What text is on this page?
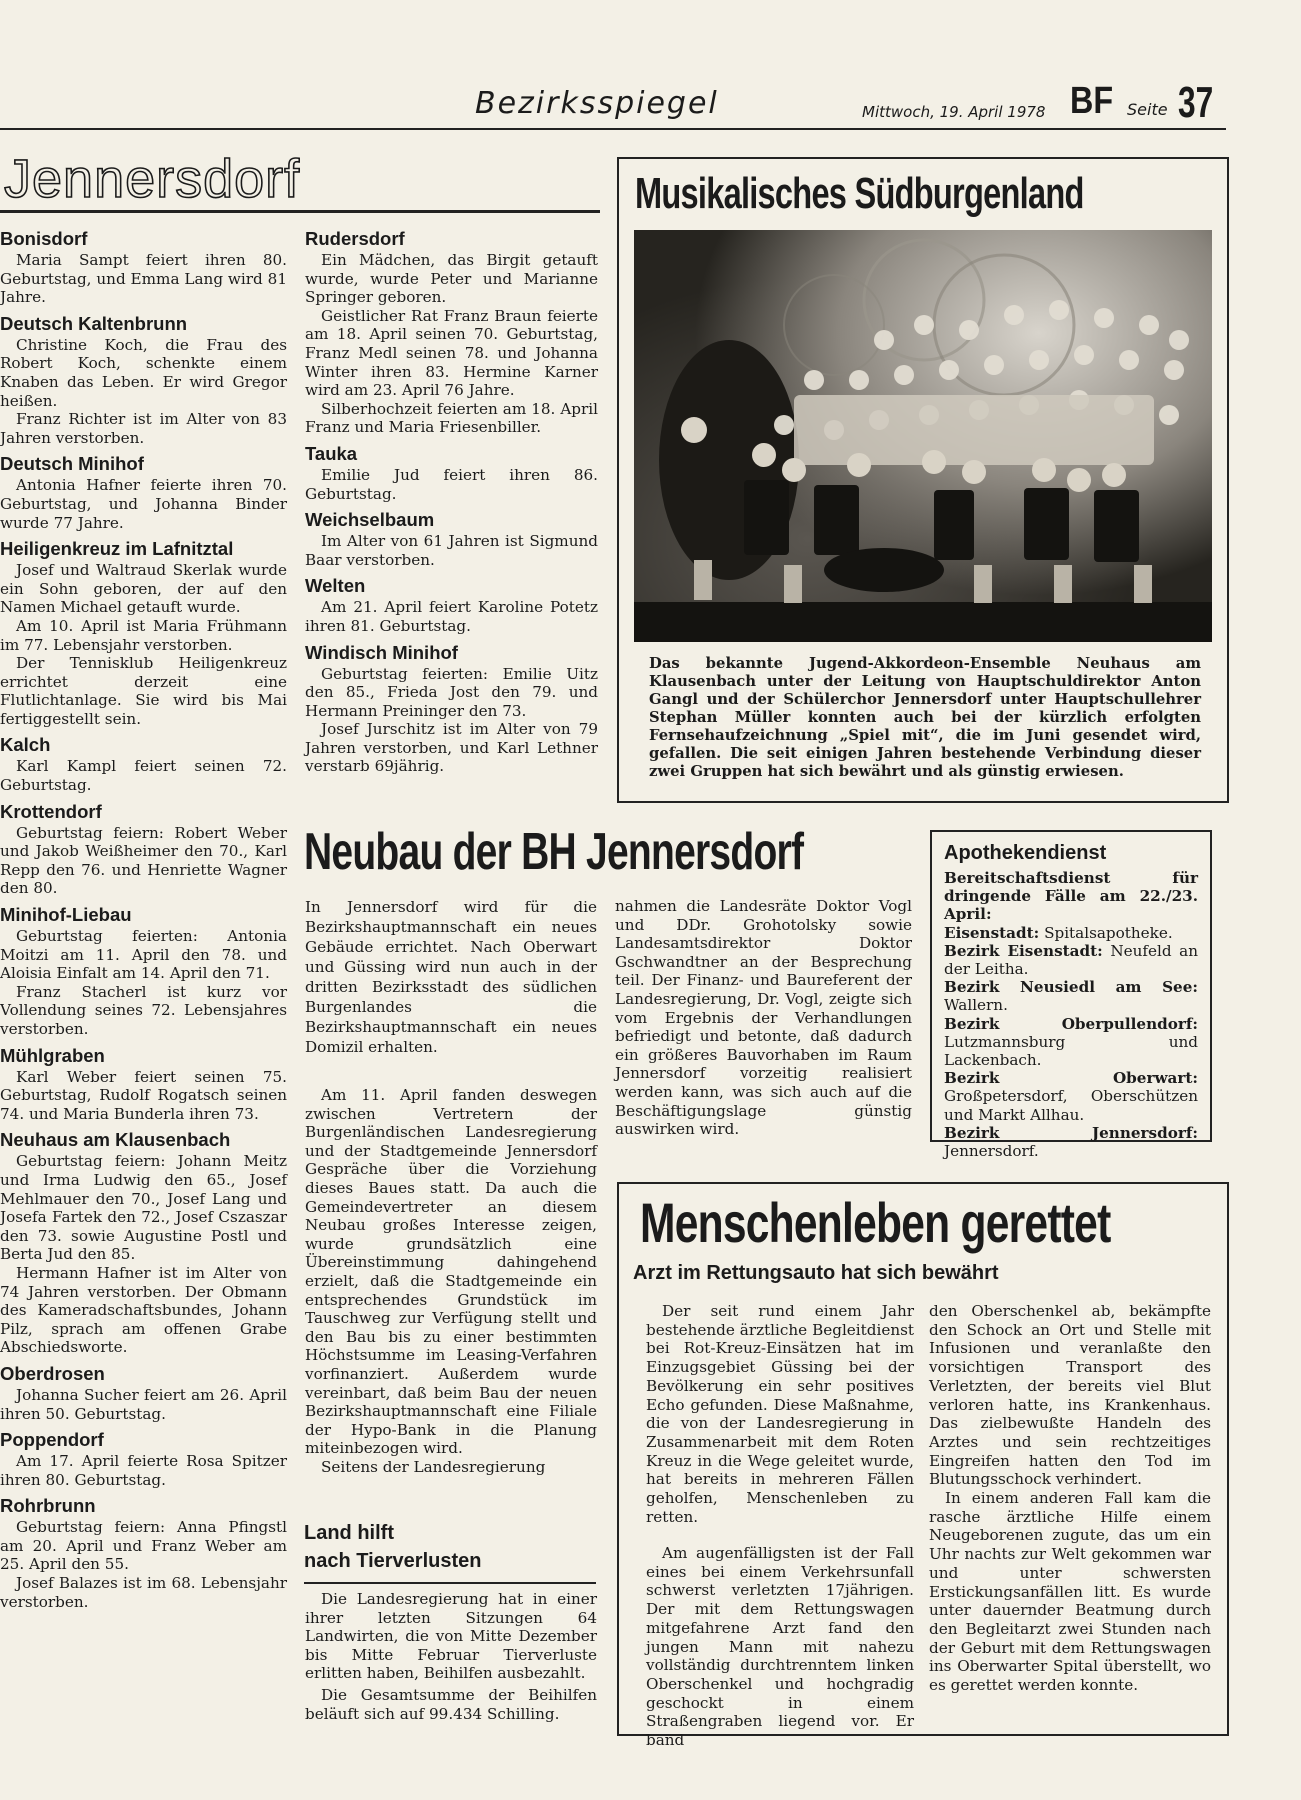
Bezirksspiegel	Mittwoch, 19. April 1978 BF Seite 37
Jennersdorf
Bonisdorf

Maria Sampt feiert ihren 80. Geburtstag, und Emma Lang wird 81 Jahre.

Deutsch Kaltenbrunn

Christine Koch, die Frau des Robert Koch, schenkte einem Knaben das Leben. Er wird Gregor heißen.

Franz Richter ist im Alter von 83 Jahren verstorben.

Deutsch Minihof

Antonia Hafner feierte ihren 70. Geburtstag, und Johanna Binder wurde 77 Jahre.

Heiligenkreuz im Lafnitztal

Josef und Waltraud Skerlak wurde ein Sohn geboren, der auf den Namen Michael getauft wurde.

Am 10. April ist Maria Frühmann im 77. Lebensjahr verstorben.

Der Tennisklub Heiligenkreuz errichtet derzeit eine Flutlichtanlage. Sie wird bis Mai fertiggestellt sein.

Kalch

Karl Kampl feiert seinen 72. Geburtstag.

Krottendorf

Geburtstag feiern: Robert Weber und Jakob Weißheimer den 70., Karl Repp den 76. und Henriette Wagner den 80.

Minihof-Liebau

Geburtstag feierten: Antonia Moitzi am 11. April den 78. und Aloisia Einfalt am 14. April den 71.

Franz Stacherl ist kurz vor Vollendung seines 72. Lebensjahres verstorben.

Mühlgraben

Karl Weber feiert seinen 75. Geburtstag, Rudolf Rogatsch seinen 74. und Maria Bunderla ihren 73.

Neuhaus am Klausenbach

Geburtstag feiern: Johann Meitz und Irma Ludwig den 65., Josef Mehlmauer den 70., Josef Lang und Josefa Fartek den 72., Josef Cszaszar den 73. sowie Augustine Postl und Berta Jud den 85.

Hermann Hafner ist im Alter von 74 Jahren verstorben. Der Obmann des Kameradschaftsbundes, Johann Pilz, sprach am offenen Grabe Abschiedsworte.

Oberdrosen

Johanna Sucher feiert am 26. April ihren 50. Geburtstag.

Poppendorf

Am 17. April feierte Rosa Spitzer ihren 80. Geburtstag.

Rohrbrunn

Geburtstag feiern: Anna Pfingstl am 20. April und Franz Weber am 25. April den 55.

Josef Balazes ist im 68. Lebensjahr verstorben.

Rudersdorf

Ein Mädchen, das Birgit getauft wurde, wurde Peter und Marianne Springer geboren.

Geistlicher Rat Franz Braun feierte am 18. April seinen 70. Geburtstag, Franz Medl seinen 78. und Johanna Winter ihren 83. Hermine Karner wird am 23. April 76 Jahre.

Silberhochzeit feierten am 18. April Franz und Maria Friesenbiller.

Tauka

Emilie Jud feiert ihren 86. Geburtstag.

Weichselbaum

Im Alter von 61 Jahren ist Sigmund Baar verstorben.

Welten

Am 21. April feiert Karoline Potetz ihren 81. Geburtstag.

Windisch Minihof

Geburtstag feierten: Emilie Uitz den 85., Frieda Jost den 79. und Hermann Preininger den 73.

Josef Jurschitz ist im Alter von 79 Jahren verstorben, und Karl Lethner verstarb 69jährig.

Musikalisches Südburgenland
Das bekannte Jugend-Akkordeon-Ensemble Neuhaus am Klausenbach unter der Leitung von Hauptschuldirektor Anton Gangl und der Schülerchor Jennersdorf unter Hauptschullehrer Stephan Müller konnten auch bei der kürzlich erfolgten Fernsehaufzeichnung „Spiel mit“, die im Juni gesendet wird, gefallen. Die seit einigen Jahren bestehende Verbindung dieser zwei Gruppen hat sich bewährt und als günstig erwiesen.
Neubau der BH Jennersdorf
In Jennersdorf wird für die Bezirkshauptmannschaft ein neues Gebäude errichtet. Nach Oberwart und Güssing wird nun auch in der dritten Bezirksstadt des südlichen Burgenlandes die Bezirkshauptmannschaft ein neues Domizil erhalten.

Am 11. April fanden deswegen zwischen Vertretern der Burgenländischen Landesregierung und der Stadtgemeinde Jennersdorf Gespräche über die Vorziehung dieses Baues statt. Da auch die Gemeindevertreter an diesem Neubau großes Interesse zeigen, wurde grundsätzlich eine Übereinstimmung dahingehend erzielt, daß die Stadtgemeinde ein entsprechendes Grundstück im Tauschweg zur Verfügung stellt und den Bau bis zu einer bestimmten Höchstsumme im Leasing-Verfahren vorfinanziert. Außerdem wurde vereinbart, daß beim Bau der neuen Bezirkshauptmannschaft eine Filiale der Hypo-Bank in die Planung miteinbezogen wird.

Seitens der Landesregierung

nahmen die Landesräte Doktor Vogl und DDr. Grohotolsky sowie Landesamtsdirektor Doktor Gschwandtner an der Besprechung teil. Der Finanz- und Baureferent der Landesregierung, Dr. Vogl, zeigte sich vom Ergebnis der Verhandlungen befriedigt und betonte, daß dadurch ein größeres Bauvorhaben im Raum Jennersdorf vorzeitig realisiert werden kann, was sich auch auf die Beschäftigungslage günstig auswirken wird.

Apothekendienst
Bereitschaftsdienst für dringende Fälle am 22./23. April:
Eisenstadt: Spitalsapotheke.
Bezirk Eisenstadt: Neufeld an der Leitha.
Bezirk Neusiedl am See: Wallern.
Bezirk Oberpullendorf: Lutzmannsburg und Lackenbach.
Bezirk Oberwart: Großpetersdorf, Oberschützen und Markt Allhau.
Bezirk Jennersdorf: Jennersdorf.
Land hilft
nach Tierverlusten

Die Landesregierung hat in einer ihrer letzten Sitzungen 64 Landwirten, die von Mitte Dezember bis Mitte Februar Tierverluste erlitten haben, Beihilfen ausbezahlt.

Die Gesamtsumme der Beihilfen beläuft sich auf 99.434 Schilling.

Menschenleben gerettet
Arzt im Rettungsauto hat sich bewährt

Der seit rund einem Jahr bestehende ärztliche Begleitdienst bei Rot-Kreuz-Einsätzen hat im Einzugsgebiet Güssing bei der Bevölkerung ein sehr positives Echo gefunden. Diese Maßnahme, die von der Landesregierung in Zusammenarbeit mit dem Roten Kreuz in die Wege geleitet wurde, hat bereits in mehreren Fällen geholfen, Menschenleben zu retten.

Am augenfälligsten ist der Fall eines bei einem Verkehrsunfall schwerst verletzten 17jährigen. Der mit dem Rettungswagen mitgefahrene Arzt fand den jungen Mann mit nahezu vollständig durchtrenntem linken Oberschenkel und hochgradig geschockt in einem Straßengraben liegend vor. Er band

den Oberschenkel ab, bekämpfte den Schock an Ort und Stelle mit Infusionen und veranlaßte den vorsichtigen Transport des Verletzten, der bereits viel Blut verloren hatte, ins Krankenhaus. Das zielbewußte Handeln des Arztes und sein rechtzeitiges Eingreifen hatten den Tod im Blutungsschock verhindert.

In einem anderen Fall kam die rasche ärztliche Hilfe einem Neugeborenen zugute, das um ein Uhr nachts zur Welt gekommen war und unter schwersten Erstickungsanfällen litt. Es wurde unter dauernder Beatmung durch den Begleitarzt zwei Stunden nach der Geburt mit dem Rettungswagen ins Oberwarter Spital überstellt, wo es gerettet werden konnte.
